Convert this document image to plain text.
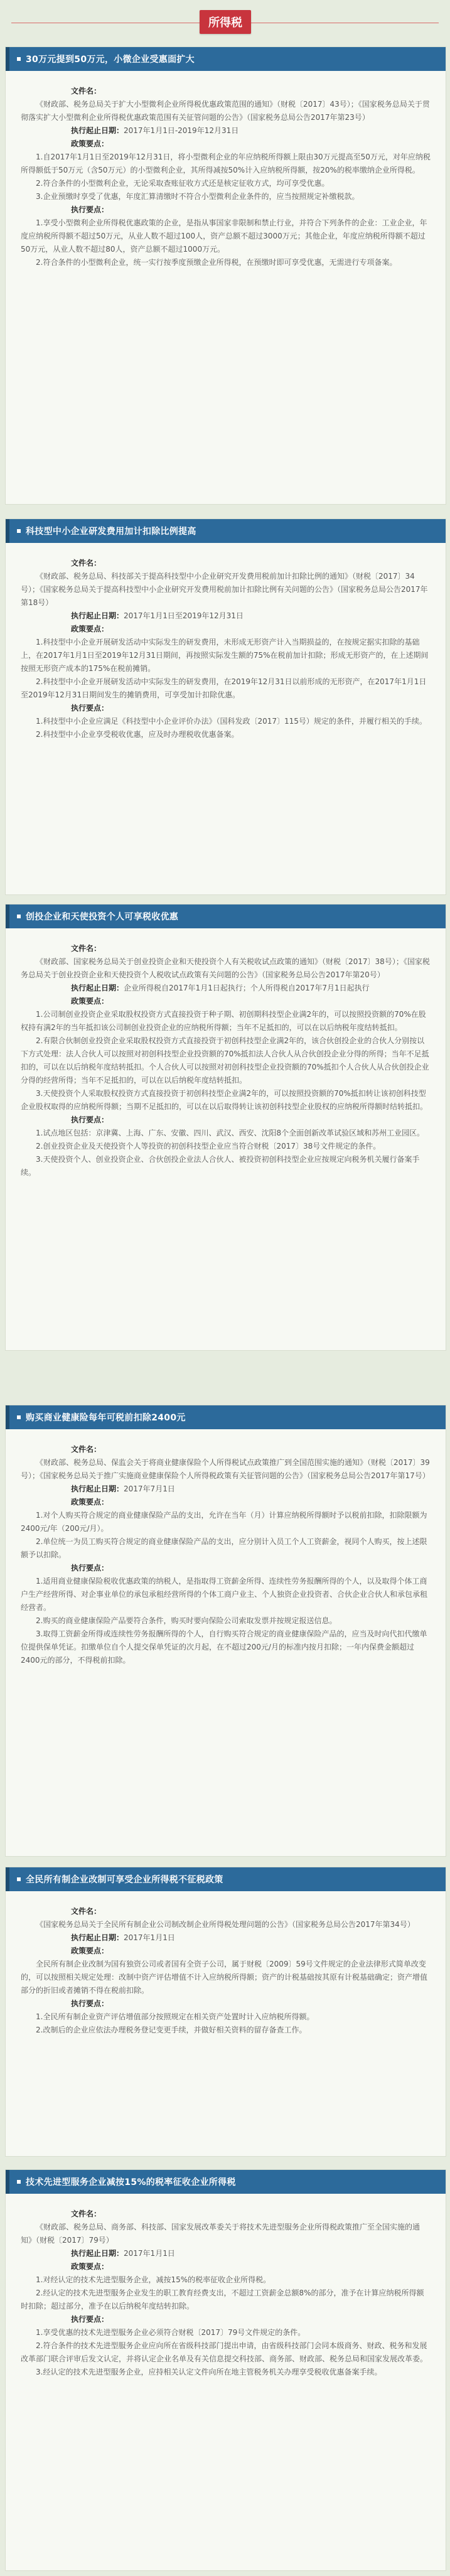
所得税
30万元提到50万元，小微企业受惠面扩大

文件名：

《财政部、税务总局关于扩大小型微利企业所得税优惠政策范围的通知》（财税〔2017〕43号）；《国家税务总局关于贯彻落实扩大小型微利企业所得税优惠政策范围有关征管问题的公告》（国家税务总局公告2017年第23号）

执行起止日期：2017年1月1日-2019年12月31日

政策要点：

1.自2017年1月1日至2019年12月31日，将小型微利企业的年应纳税所得额上限由30万元提高至50万元，对年应纳税所得额低于50万元（含50万元）的小型微利企业，其所得减按50%计入应纳税所得额，按20%的税率缴纳企业所得税。

2.符合条件的小型微利企业，无论采取查账征收方式还是核定征收方式，均可享受优惠。

3.企业预缴时享受了优惠，年度汇算清缴时不符合小型微利企业条件的，应当按照规定补缴税款。

执行要点：

1.享受小型微利企业所得税优惠政策的企业，是指从事国家非限制和禁止行业，并符合下列条件的企业：工业企业，年度应纳税所得额不超过50万元，从业人数不超过100人，资产总额不超过3000万元；其他企业，年度应纳税所得额不超过50万元，从业人数不超过80人，资产总额不超过1000万元。

2.符合条件的小型微利企业，统一实行按季度预缴企业所得税，在预缴时即可享受优惠，无需进行专项备案。

科技型中小企业研发费用加计扣除比例提高

文件名：

《财政部、税务总局、科技部关于提高科技型中小企业研究开发费用税前加计扣除比例的通知》（财税〔2017〕34号）；《国家税务总局关于提高科技型中小企业研究开发费用税前加计扣除比例有关问题的公告》（国家税务总局公告2017年第18号）

执行起止日期：2017年1月1日至2019年12月31日

政策要点：

1.科技型中小企业开展研发活动中实际发生的研发费用，未形成无形资产计入当期损益的，在按规定据实扣除的基础上，在2017年1月1日至2019年12月31日期间，再按照实际发生额的75%在税前加计扣除；形成无形资产的，在上述期间按照无形资产成本的175%在税前摊销。

2.科技型中小企业开展研发活动中实际发生的研发费用，在2019年12月31日以前形成的无形资产，在2017年1月1日至2019年12月31日期间发生的摊销费用，可享受加计扣除优惠。

执行要点：

1.科技型中小企业应满足《科技型中小企业评价办法》（国科发政〔2017〕115号）规定的条件，并履行相关的手续。

2.科技型中小企业享受税收优惠，应及时办理税收优惠备案。

创投企业和天使投资个人可享税收优惠

文件名：

《财政部、国家税务总局关于创业投资企业和天使投资个人有关税收试点政策的通知》（财税〔2017〕38号）；《国家税务总局关于创业投资企业和天使投资个人税收试点政策有关问题的公告》（国家税务总局公告2017年第20号）

执行起止日期：企业所得税自2017年1月1日起执行；个人所得税自2017年7月1日起执行

政策要点：

1.公司制创业投资企业采取股权投资方式直接投资于种子期、初创期科技型企业满2年的，可以按照投资额的70%在股权持有满2年的当年抵扣该公司制创业投资企业的应纳税所得额；当年不足抵扣的，可以在以后纳税年度结转抵扣。

2.有限合伙制创业投资企业采取股权投资方式直接投资于初创科技型企业满2年的，该合伙创投企业的合伙人分别按以下方式处理：法人合伙人可以按照对初创科技型企业投资额的70%抵扣法人合伙人从合伙创投企业分得的所得；当年不足抵扣的，可以在以后纳税年度结转抵扣。个人合伙人可以按照对初创科技型企业投资额的70%抵扣个人合伙人从合伙创投企业分得的经营所得；当年不足抵扣的，可以在以后纳税年度结转抵扣。

3.天使投资个人采取股权投资方式直接投资于初创科技型企业满2年的，可以按照投资额的70%抵扣转让该初创科技型企业股权取得的应纳税所得额；当期不足抵扣的，可以在以后取得转让该初创科技型企业股权的应纳税所得额时结转抵扣。

执行要点：

1.试点地区包括：京津冀、上海、广东、安徽、四川、武汉、西安、沈阳8个全面创新改革试验区域和苏州工业园区。

2.创业投资企业及天使投资个人等投资的初创科技型企业应当符合财税〔2017〕38号文件规定的条件。

3.天使投资个人、创业投资企业、合伙创投企业法人合伙人、被投资初创科技型企业应按规定向税务机关履行备案手续。

购买商业健康险每年可税前扣除2400元

文件名：

《财政部、税务总局、保监会关于将商业健康保险个人所得税试点政策推广到全国范围实施的通知》（财税〔2017〕39号）；《国家税务总局关于推广实施商业健康保险个人所得税政策有关征管问题的公告》（国家税务总局公告2017年第17号）

执行起止日期：2017年7月1日

政策要点：

1.对个人购买符合规定的商业健康保险产品的支出，允许在当年（月）计算应纳税所得额时予以税前扣除，扣除限额为2400元/年（200元/月）。

2.单位统一为员工购买符合规定的商业健康保险产品的支出，应分别计入员工个人工资薪金，视同个人购买，按上述限额予以扣除。

执行要点：

1.适用商业健康保险税收优惠政策的纳税人，是指取得工资薪金所得、连续性劳务报酬所得的个人，以及取得个体工商户生产经营所得、对企事业单位的承包承租经营所得的个体工商户业主、个人独资企业投资者、合伙企业合伙人和承包承租经营者。

2.购买的商业健康保险产品要符合条件，购买时要向保险公司索取发票并按规定报送信息。

3.取得工资薪金所得或连续性劳务报酬所得的个人，自行购买符合规定的商业健康保险产品的，应当及时向代扣代缴单位提供保单凭证。扣缴单位自个人提交保单凭证的次月起，在不超过200元/月的标准内按月扣除；一年内保费金额超过2400元的部分，不得税前扣除。

全民所有制企业改制可享受企业所得税不征税政策

文件名：

《国家税务总局关于全民所有制企业公司制改制企业所得税处理问题的公告》（国家税务总局公告2017年第34号）

执行起止日期：2017年1月1日

政策要点：

全民所有制企业改制为国有独资公司或者国有全资子公司，属于财税〔2009〕59号文件规定的企业法律形式简单改变的，可以按照相关规定处理：改制中资产评估增值不计入应纳税所得额；资产的计税基础按其原有计税基础确定；资产增值部分的折旧或者摊销不得在税前扣除。

执行要点：

1.全民所有制企业资产评估增值部分按照规定在相关资产处置时计入应纳税所得额。

2.改制后的企业应依法办理税务登记变更手续，并做好相关资料的留存备查工作。

技术先进型服务企业减按15%的税率征收企业所得税

文件名：

《财政部、税务总局、商务部、科技部、国家发展改革委关于将技术先进型服务企业所得税政策推广至全国实施的通知》（财税〔2017〕79号）

执行起止日期：2017年1月1日

政策要点：

1.对经认定的技术先进型服务企业，减按15%的税率征收企业所得税。

2.经认定的技术先进型服务企业发生的职工教育经费支出，不超过工资薪金总额8%的部分，准予在计算应纳税所得额时扣除；超过部分，准予在以后纳税年度结转扣除。

执行要点：

1.享受优惠的技术先进型服务企业必须符合财税〔2017〕79号文件规定的条件。

2.符合条件的技术先进型服务企业应向所在省级科技部门提出申请，由省级科技部门会同本级商务、财政、税务和发展改革部门联合评审后发文认定，并将认定企业名单及有关信息提交科技部、商务部、财政部、税务总局和国家发展改革委。

3.经认定的技术先进型服务企业，应持相关认定文件向所在地主管税务机关办理享受税收优惠备案手续。
